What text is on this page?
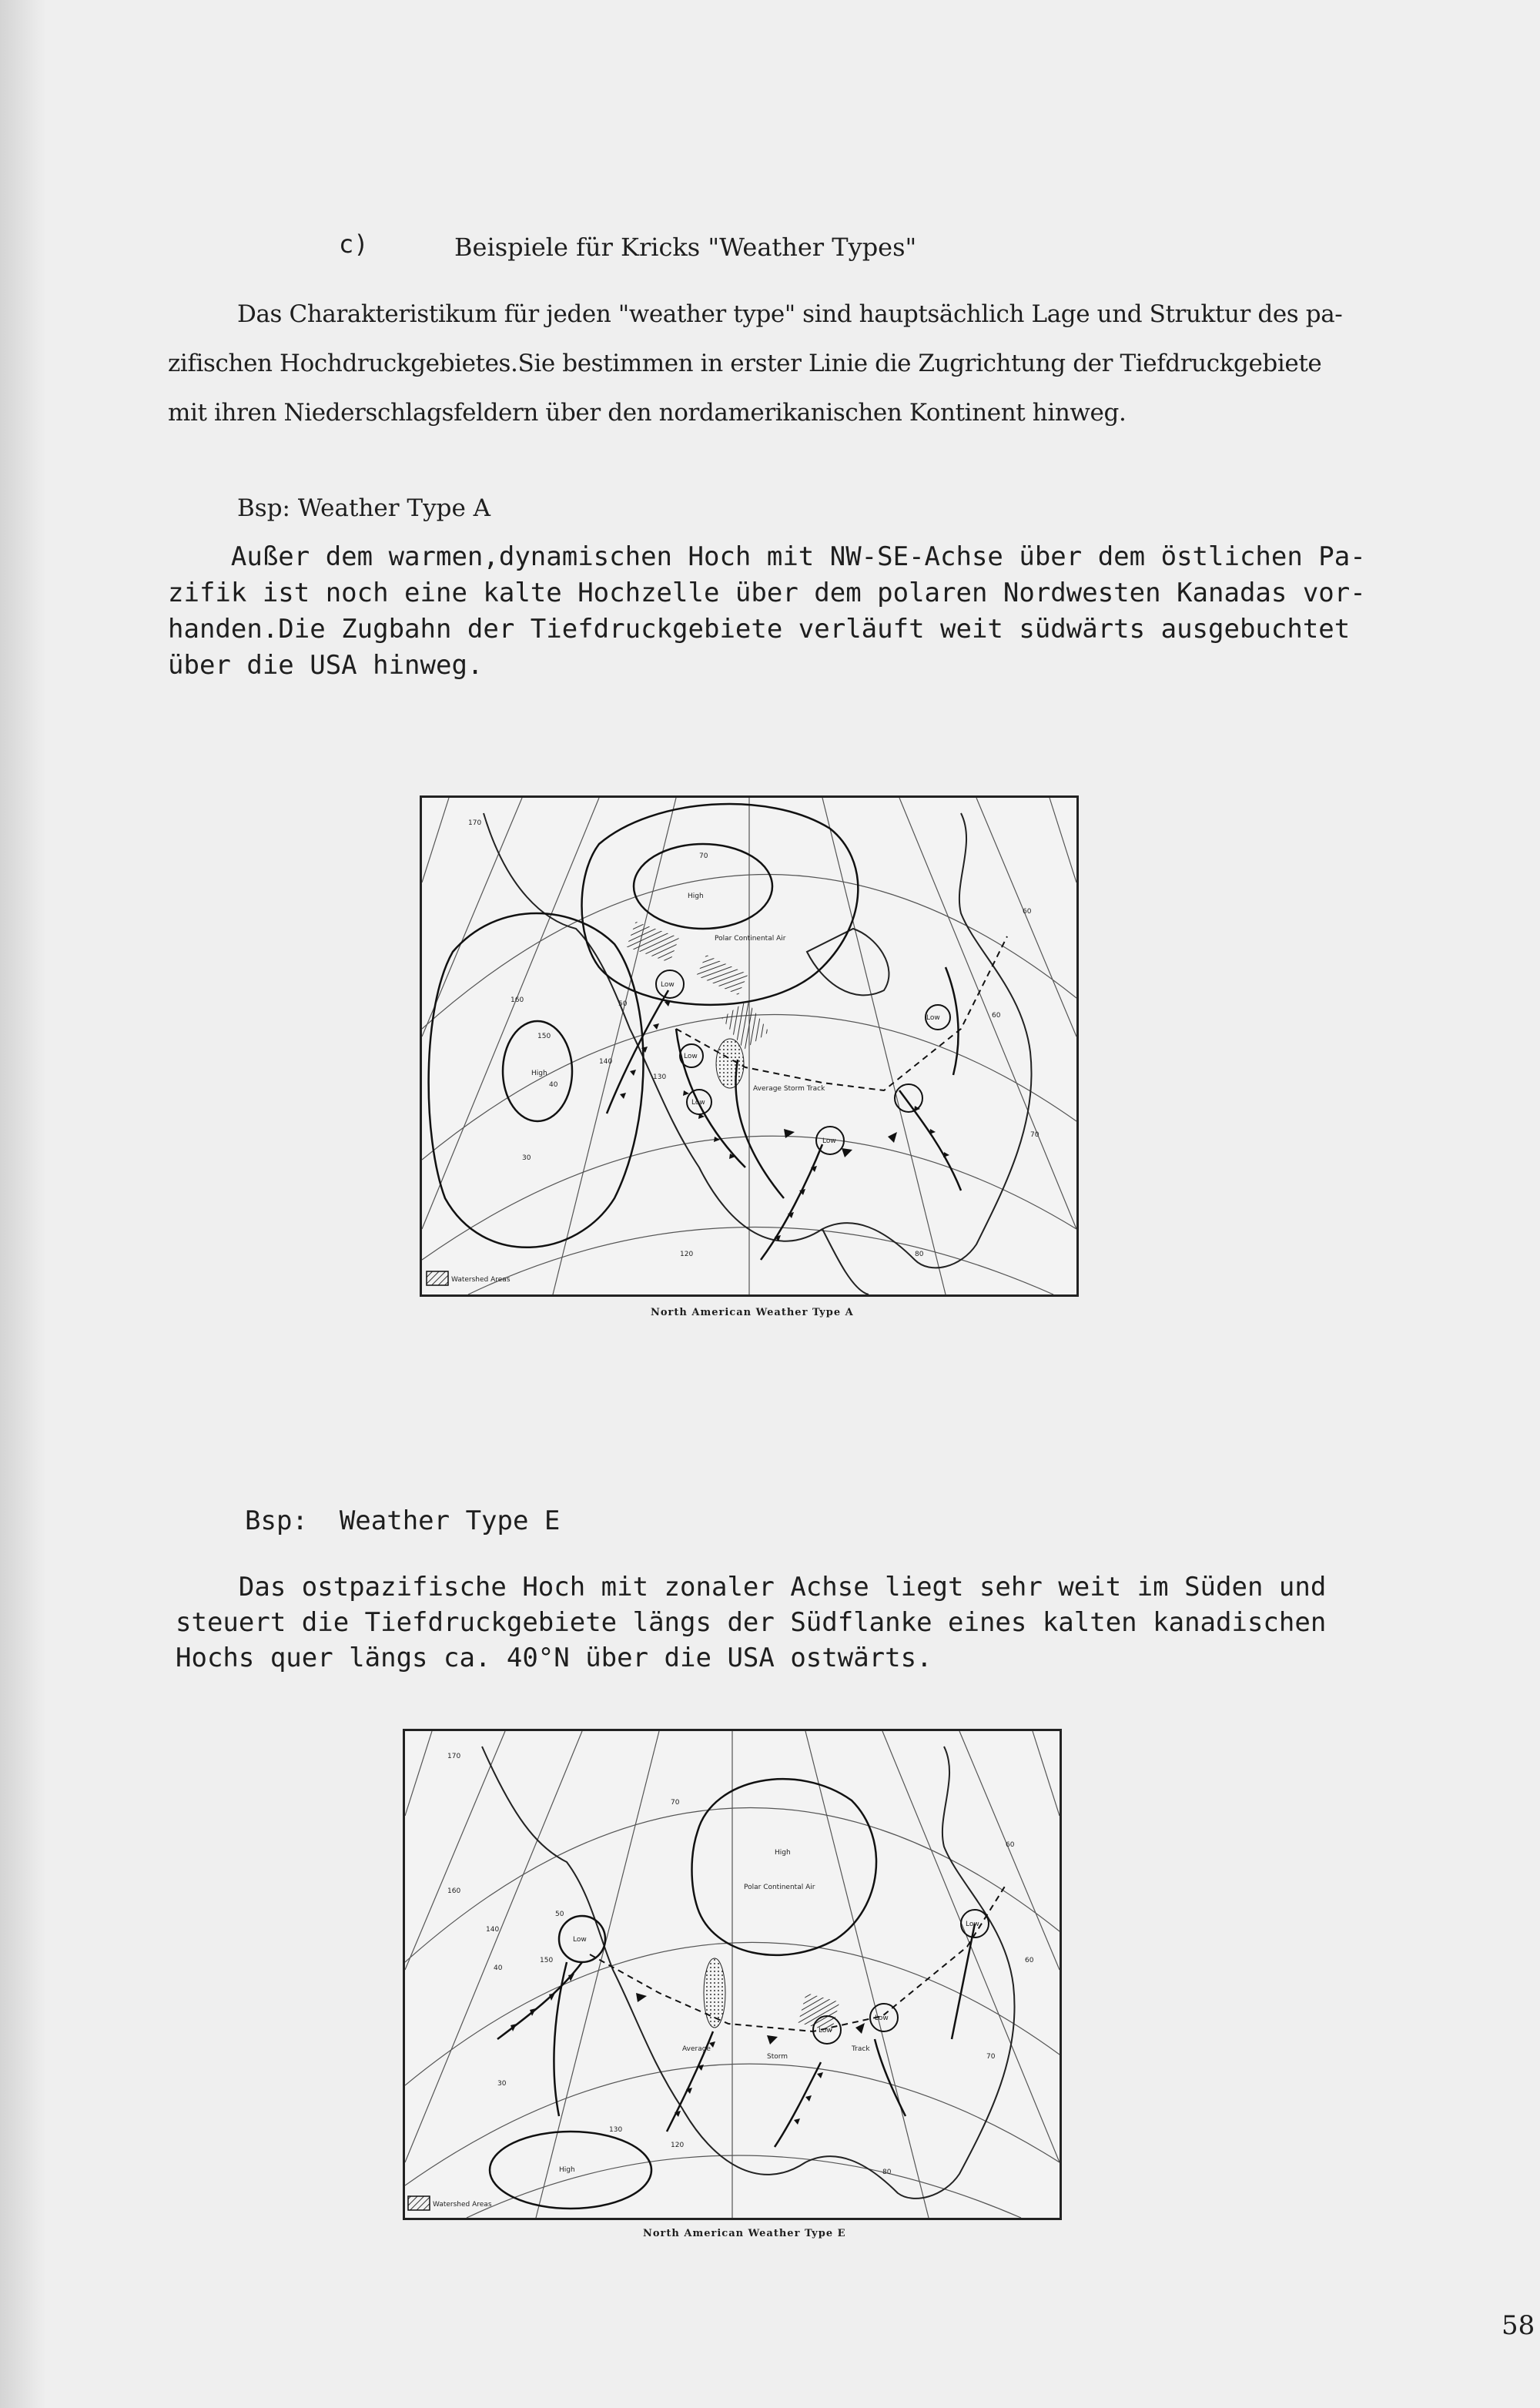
c)	Beispiele für Kricks "Weather Types"
Das Charakteristikum für jeden "weather type" sind hauptsächlich Lage und Struktur des pa-
zifischen Hochdruckgebietes.Sie bestimmen in erster Linie die Zugrichtung der Tiefdruckgebiete
mit ihren Niederschlagsfeldern über den nordamerikanischen Kontinent hinweg.
Bsp: Weather Type A
Außer dem warmen,dynamischen Hoch mit NW-SE-Achse über dem östlichen Pa-
zifik ist noch eine kalte Hochzelle über dem polaren Nordwesten Kanadas vor-
handen.Die Zugbahn der Tiefdruckgebiete verläuft weit südwärts ausgebuchtet
über die USA hinweg.
High
Polar Continental Air
High
Average Storm Track
Low
Low
Low
Low
Low
70
60
50
40
30
170
160
150
140
130
120	80
70
60
Watershed Areas
North American Weather Type A
Bsp:  Weather Type E
Das ostpazifische Hoch mit zonaler Achse liegt sehr weit im Süden und
steuert die Tiefdruckgebiete längs der Südflanke eines kalten kanadischen
Hochs quer längs ca. 40°N über die USA ostwärts.
High
Polar Continental Air
High
Average
Storm
Track
Low
Low
Low
Low
70
60
50
40
30
170
160
150
140
130
120
80
70
60
Watershed Areas
North American Weather Type E
58
